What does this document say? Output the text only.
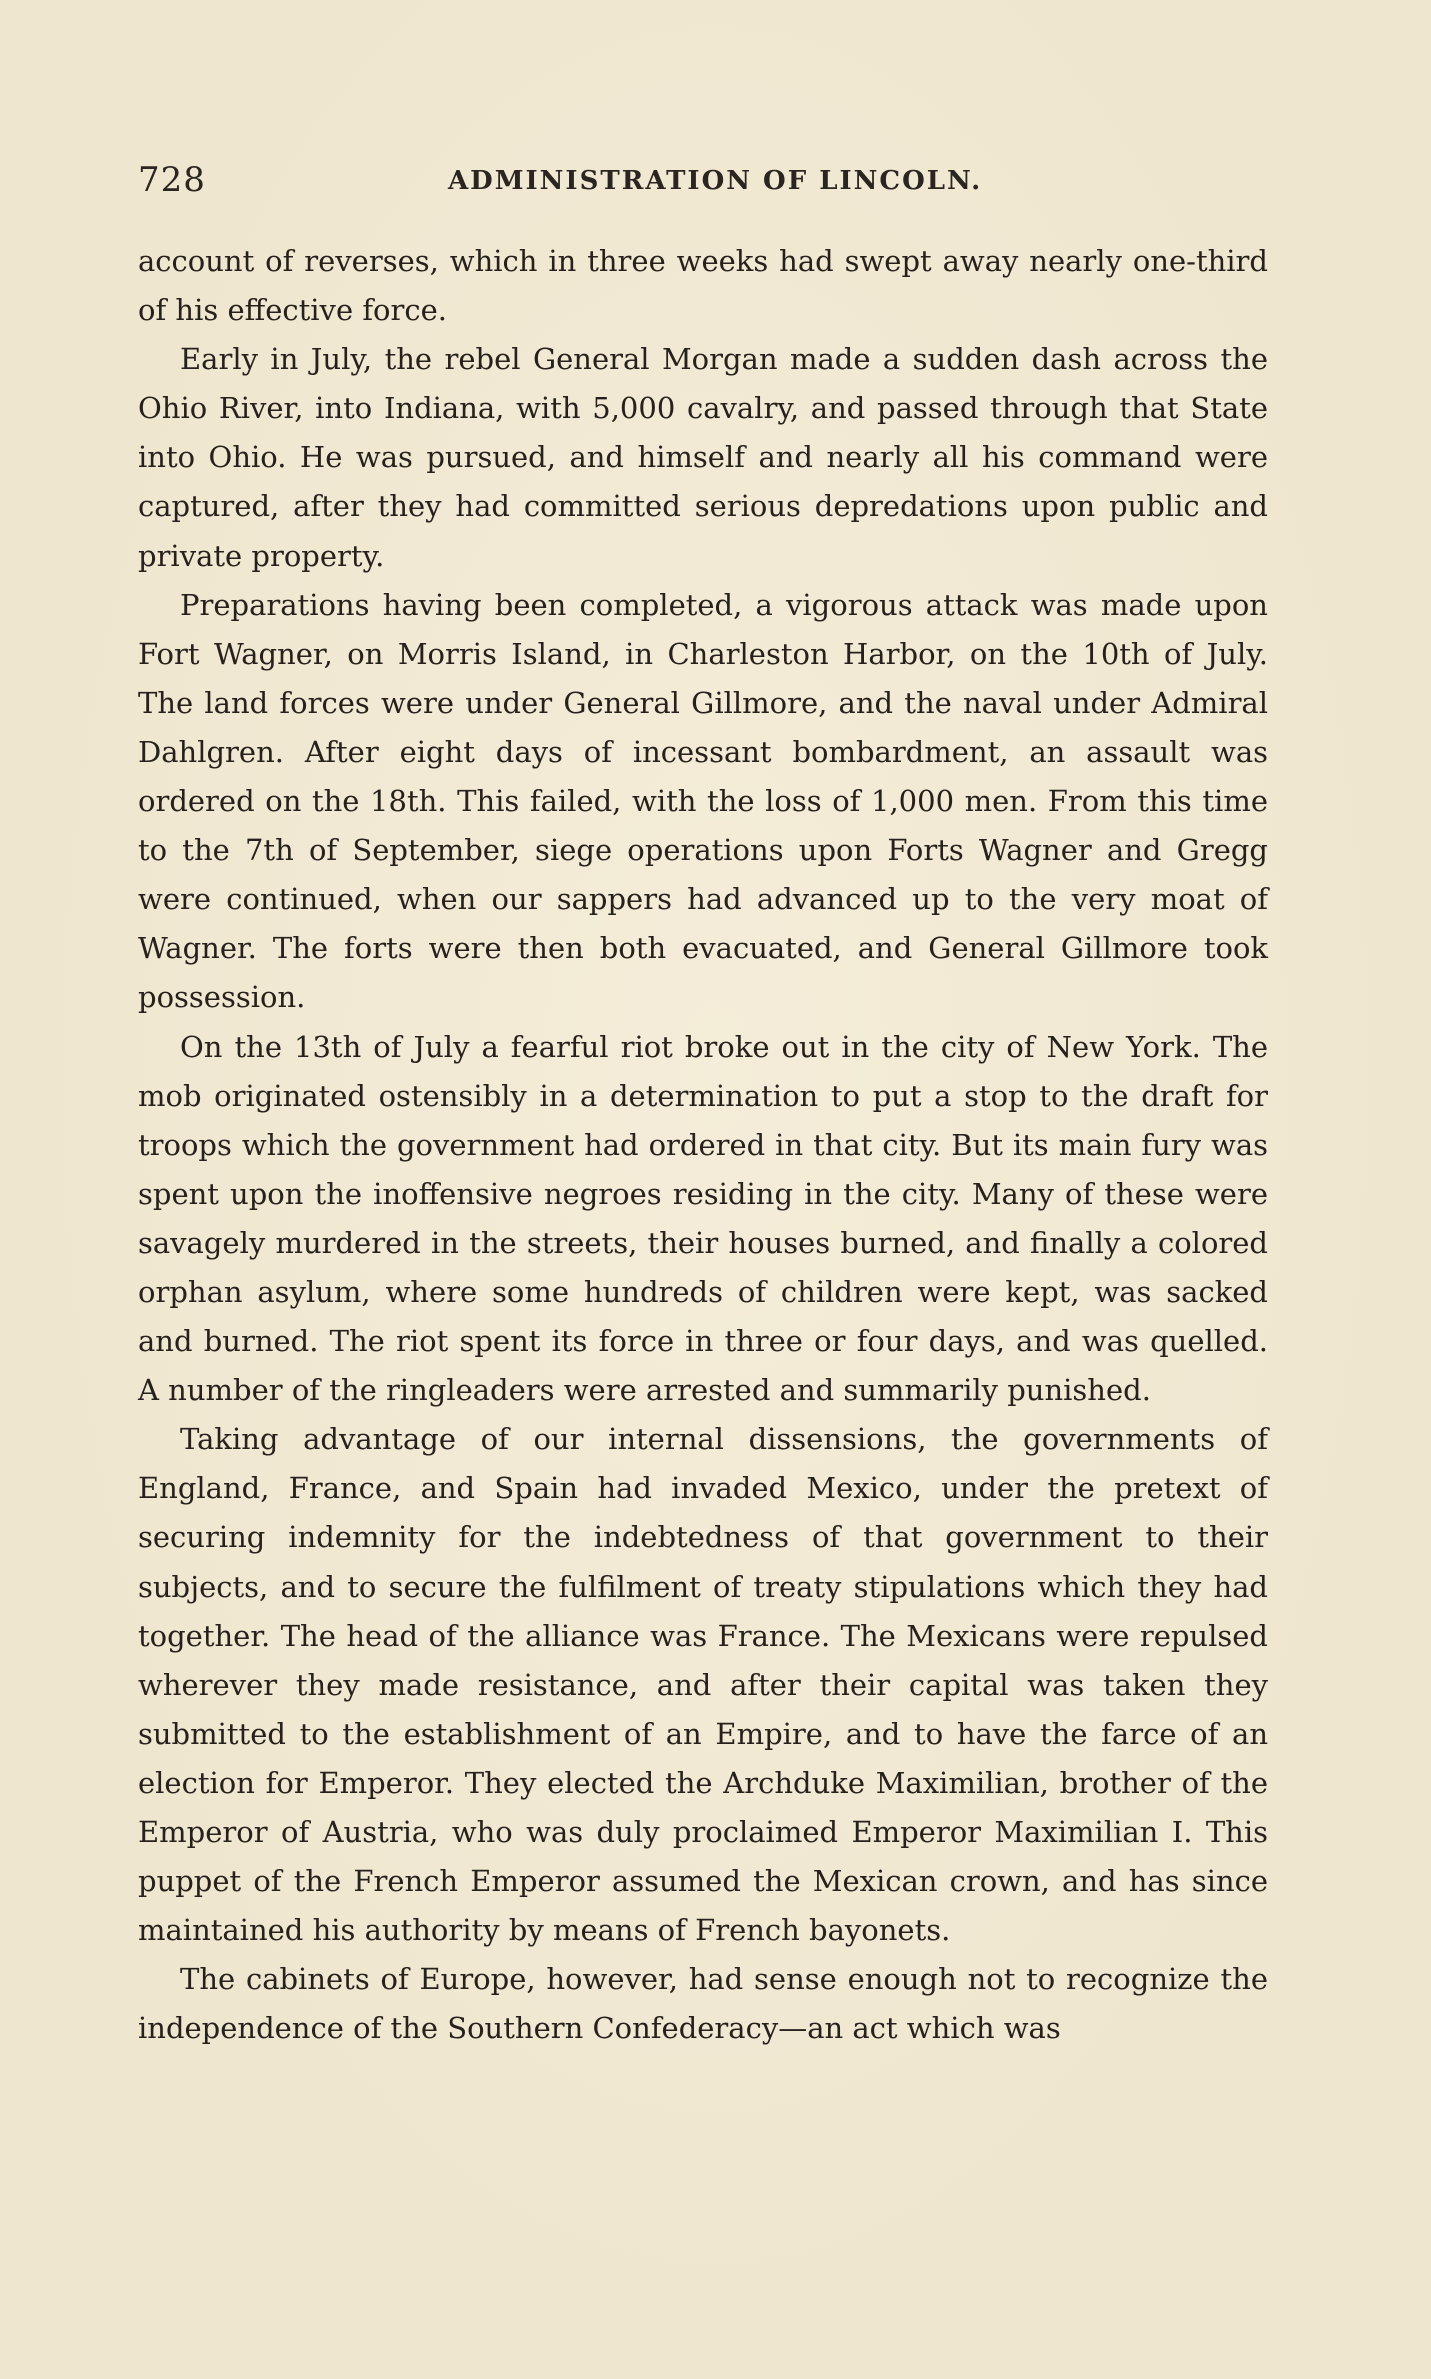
728	ADMINISTRATION OF LINCOLN.

account of reverses, which in three weeks had swept away nearly one-third of his effective force.

Early in July, the rebel General Morgan made a sudden dash across the Ohio River, into Indiana, with 5,000 cavalry, and passed through that State into Ohio. He was pursued, and himself and nearly all his command were captured, after they had committed serious depredations upon public and private property.

Preparations having been completed, a vigorous attack was made upon Fort Wagner, on Morris Island, in Charleston Harbor, on the 10th of July. The land forces were under General Gillmore, and the naval under Admiral Dahlgren. After eight days of incessant bombardment, an assault was ordered on the 18th. This failed, with the loss of 1,000 men. From this time to the 7th of September, siege operations upon Forts Wagner and Gregg were continued, when our sappers had advanced up to the very moat of Wagner. The forts were then both evacuated, and General Gillmore took possession.

On the 13th of July a fearful riot broke out in the city of New York. The mob originated ostensibly in a determination to put a stop to the draft for troops which the government had ordered in that city. But its main fury was spent upon the inoffensive negroes residing in the city. Many of these were savagely murdered in the streets, their houses burned, and finally a colored orphan asylum, where some hundreds of children were kept, was sacked and burned. The riot spent its force in three or four days, and was quelled. A number of the ringleaders were arrested and summarily punished.

Taking advantage of our internal dissensions, the governments of England, France, and Spain had invaded Mexico, under the pretext of securing indemnity for the indebtedness of that government to their subjects, and to secure the fulfilment of treaty stipulations which they had together. The head of the alliance was France. The Mexicans were repulsed wherever they made resistance, and after their capital was taken they submitted to the establishment of an Empire, and to have the farce of an election for Emperor. They elected the Archduke Maximilian, brother of the Emperor of Austria, who was duly proclaimed Emperor Maximilian I. This puppet of the French Emperor assumed the Mexican crown, and has since maintained his authority by means of French bayonets.

The cabinets of Europe, however, had sense enough not to recognize the independence of the Southern Confederacy—an act which was
